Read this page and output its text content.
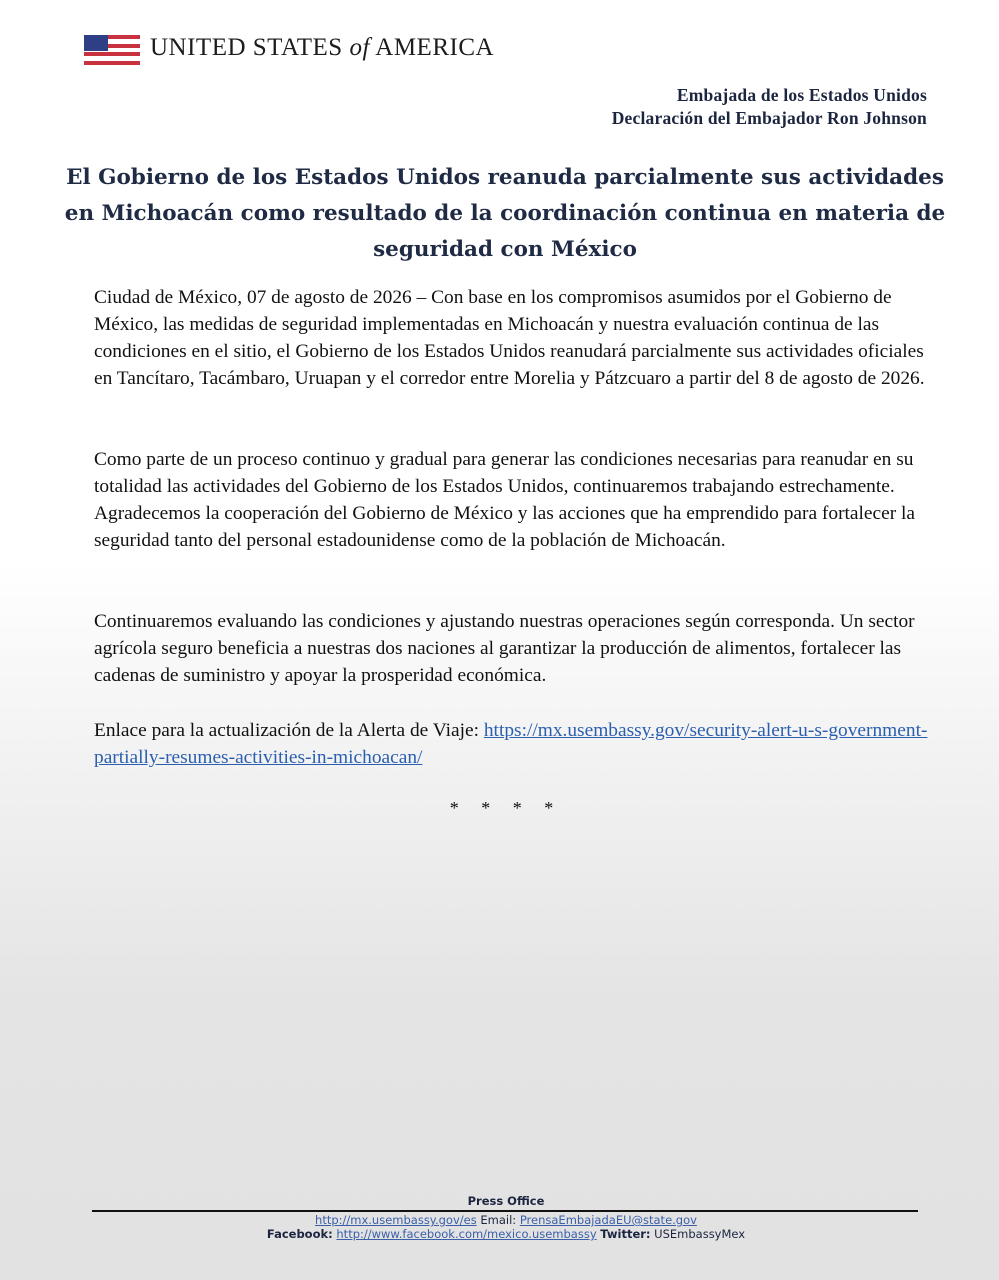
UNITED STATES of AMERICA
Embajada de los Estados Unidos
Declaración del Embajador Ron Johnson
El Gobierno de los Estados Unidos reanuda parcialmente sus actividades en Michoacán como resultado de la coordinación continua en materia de seguridad con México
Ciudad de México, 07 de agosto de 2026 – Con base en los compromisos asumidos por el Gobierno de México, las medidas de seguridad implementadas en Michoacán y nuestra evaluación continua de las condiciones en el sitio, el Gobierno de los Estados Unidos reanudará parcialmente sus actividades oficiales en Tancítaro, Tacámbaro, Uruapan y el corredor entre Morelia y Pátzcuaro a partir del 8 de agosto de 2026.
Como parte de un proceso continuo y gradual para generar las condiciones necesarias para reanudar en su totalidad las actividades del Gobierno de los Estados Unidos, continuaremos trabajando estrechamente. Agradecemos la cooperación del Gobierno de México y las acciones que ha emprendido para fortalecer la seguridad tanto del personal estadounidense como de la población de Michoacán.
Continuaremos evaluando las condiciones y ajustando nuestras operaciones según corresponda. Un sector agrícola seguro beneficia a nuestras dos naciones al garantizar la producción de alimentos, fortalecer las cadenas de suministro y apoyar la prosperidad económica.
Enlace para la actualización de la Alerta de Viaje: https://mx.usembassy.gov/security-alert-u-s-government-partially-resumes-activities-in-michoacan/
* * * *
Press Office
http://mx.usembassy.gov/es Email: PrensaEmbajadaEU@state.gov
Facebook: http://www.facebook.com/mexico.usembassy Twitter: USEmbassyMex
